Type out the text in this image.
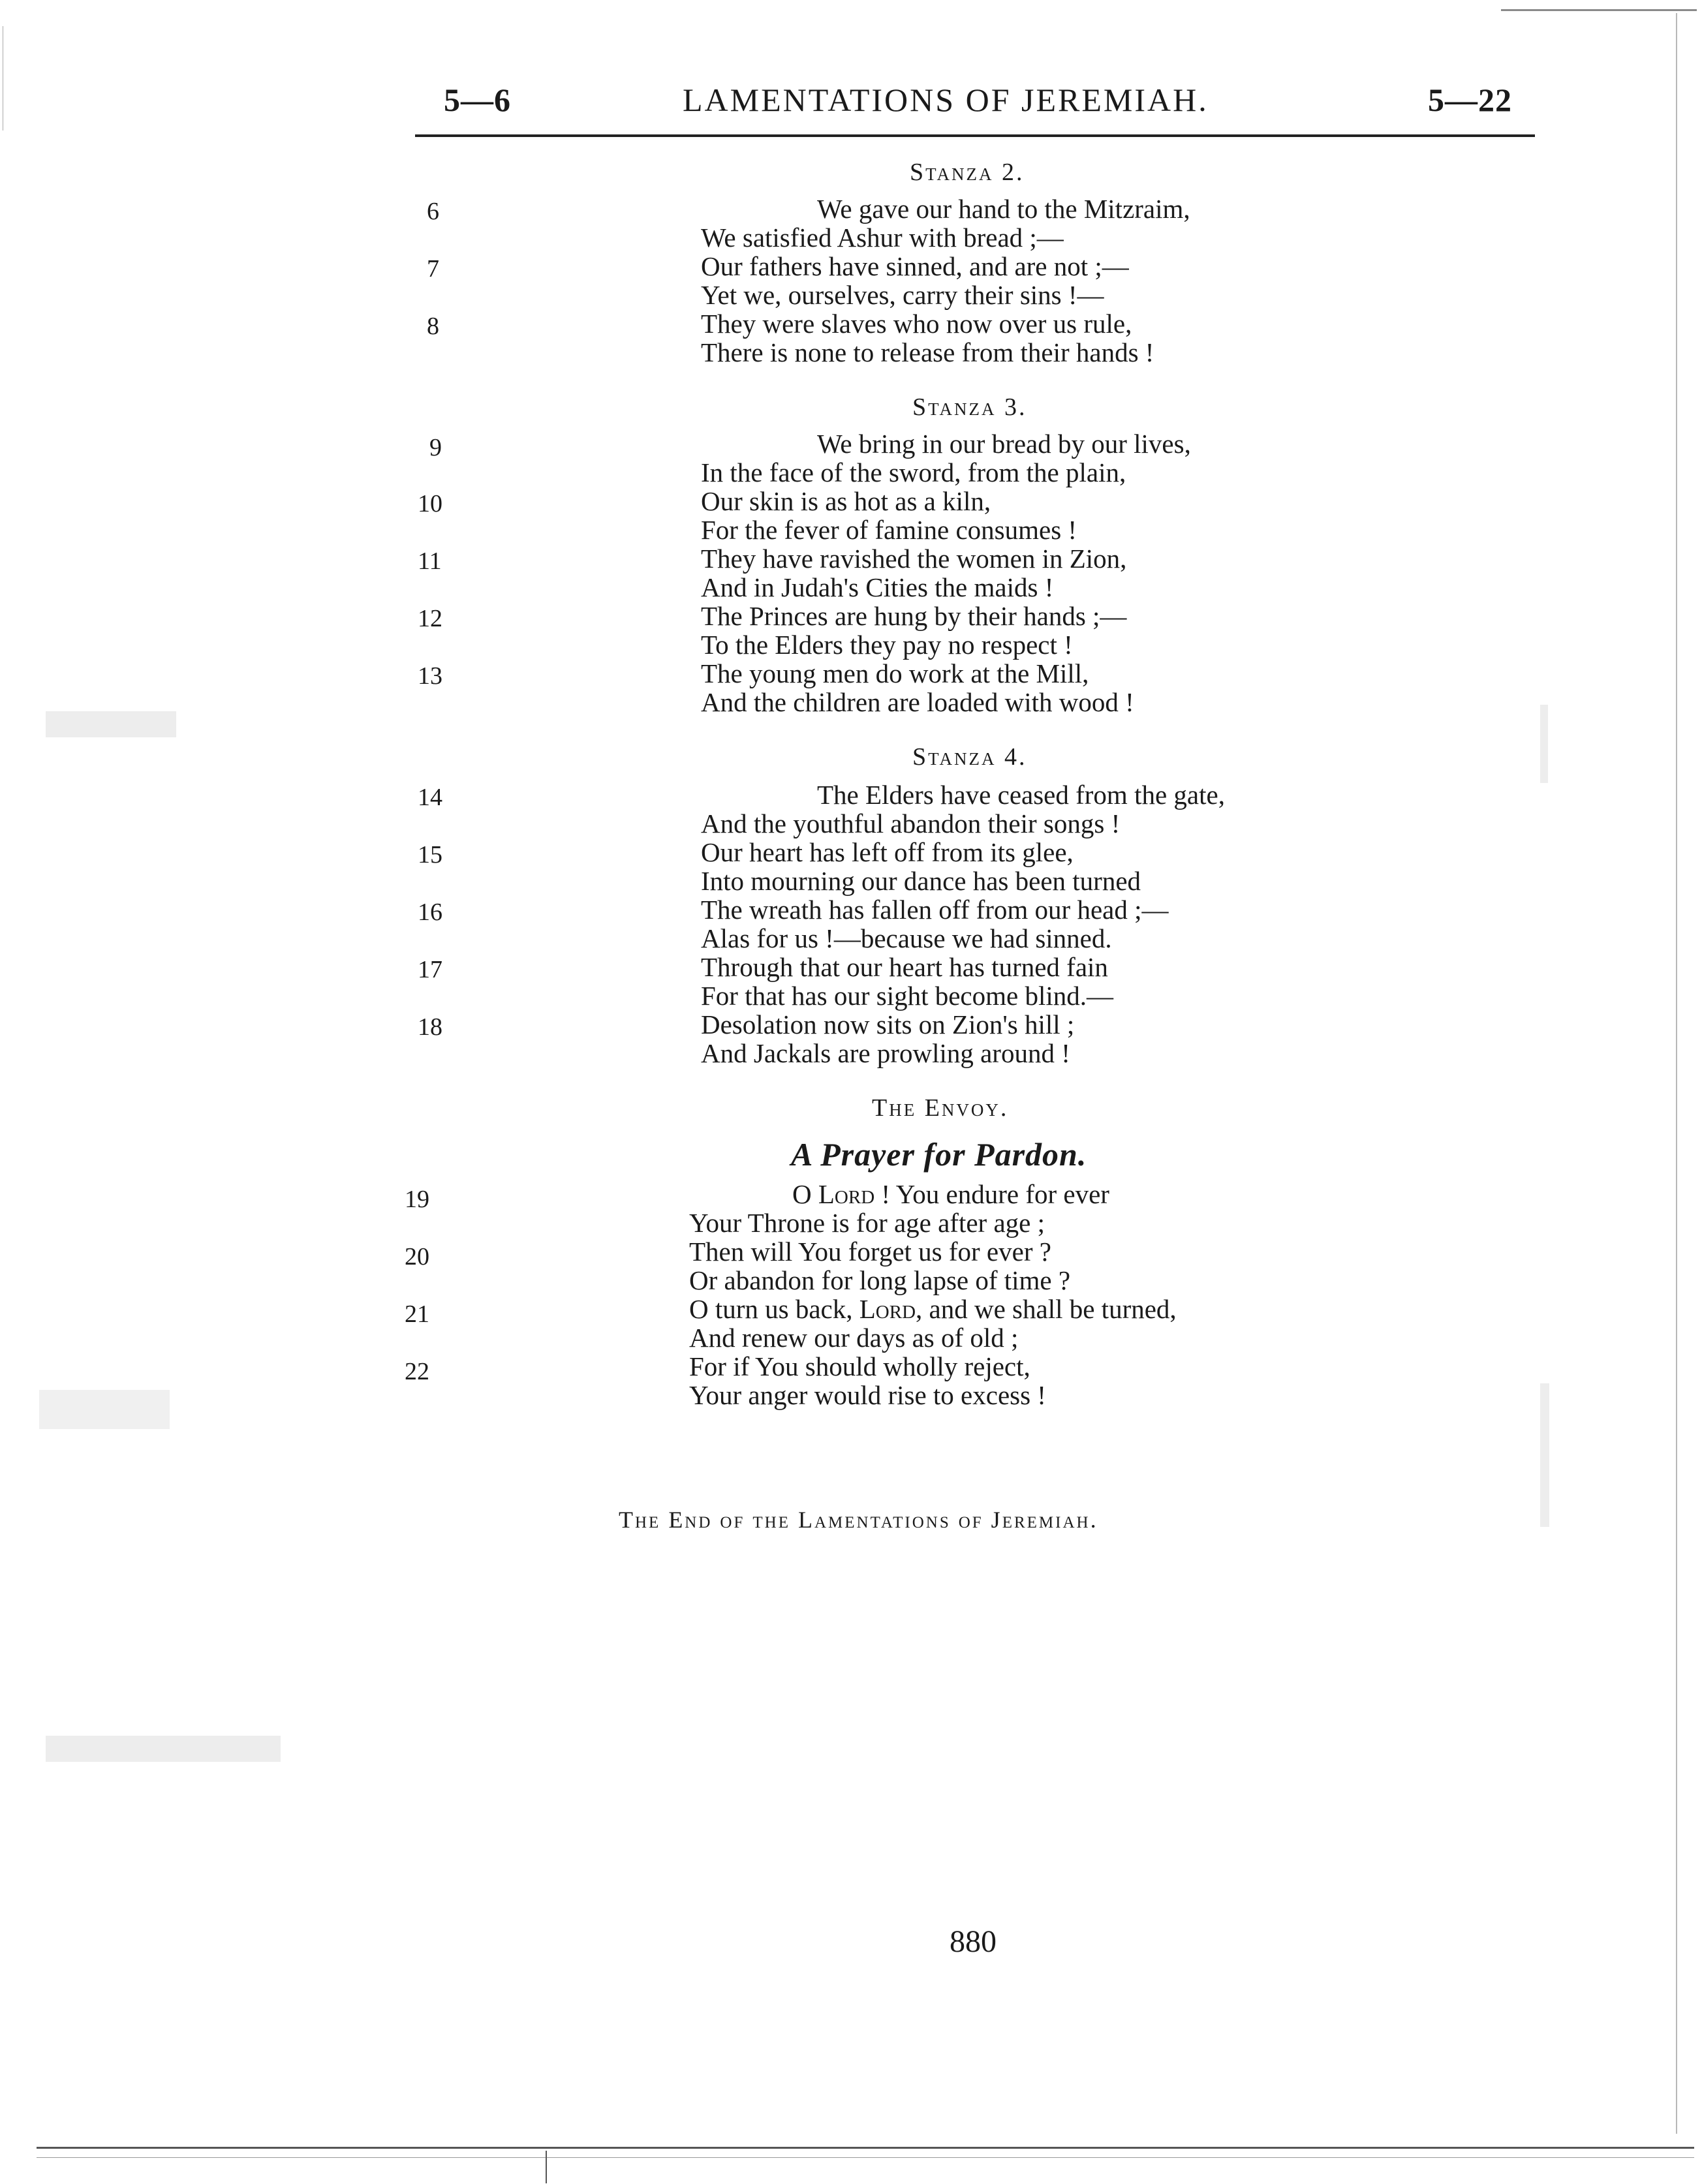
5—6	LAMENTATIONS OF JEREMIAH.	5—22
Stanza 2.
6	We gave our hand to the Mitzraim,
We satisfied Ashur with bread ;—
7	Our fathers have sinned, and are not ;—
Yet we, ourselves, carry their sins !—
8	They were slaves who now over us rule,
There is none to release from their hands !
Stanza 3.
9	We bring in our bread by our lives,
In the face of the sword, from the plain,
10	Our skin is as hot as a kiln,
For the fever of famine consumes !
11	They have ravished the women in Zion,
And in Judah's Cities the maids !
12	The Princes are hung by their hands ;—
To the Elders they pay no respect !
13	The young men do work at the Mill,
And the children are loaded with wood !
Stanza 4.
14	The Elders have ceased from the gate,
And the youthful abandon their songs !
15	Our heart has left off from its glee,
Into mourning our dance has been turned
16	The wreath has fallen off from our head ;—
Alas for us !—because we had sinned.
17	Through that our heart has turned fain
For that has our sight become blind.—
18	Desolation now sits on Zion's hill ;
And Jackals are prowling around !
The Envoy.
A Prayer for Pardon.
19	O Lord ! You endure for ever
Your Throne is for age after age ;
20	Then will You forget us for ever ?
Or abandon for long lapse of time ?
21	O turn us back, Lord, and we shall be turned,
And renew our days as of old ;
22	For if You should wholly reject,
Your anger would rise to excess !
The End of the Lamentations of Jeremiah.
880
